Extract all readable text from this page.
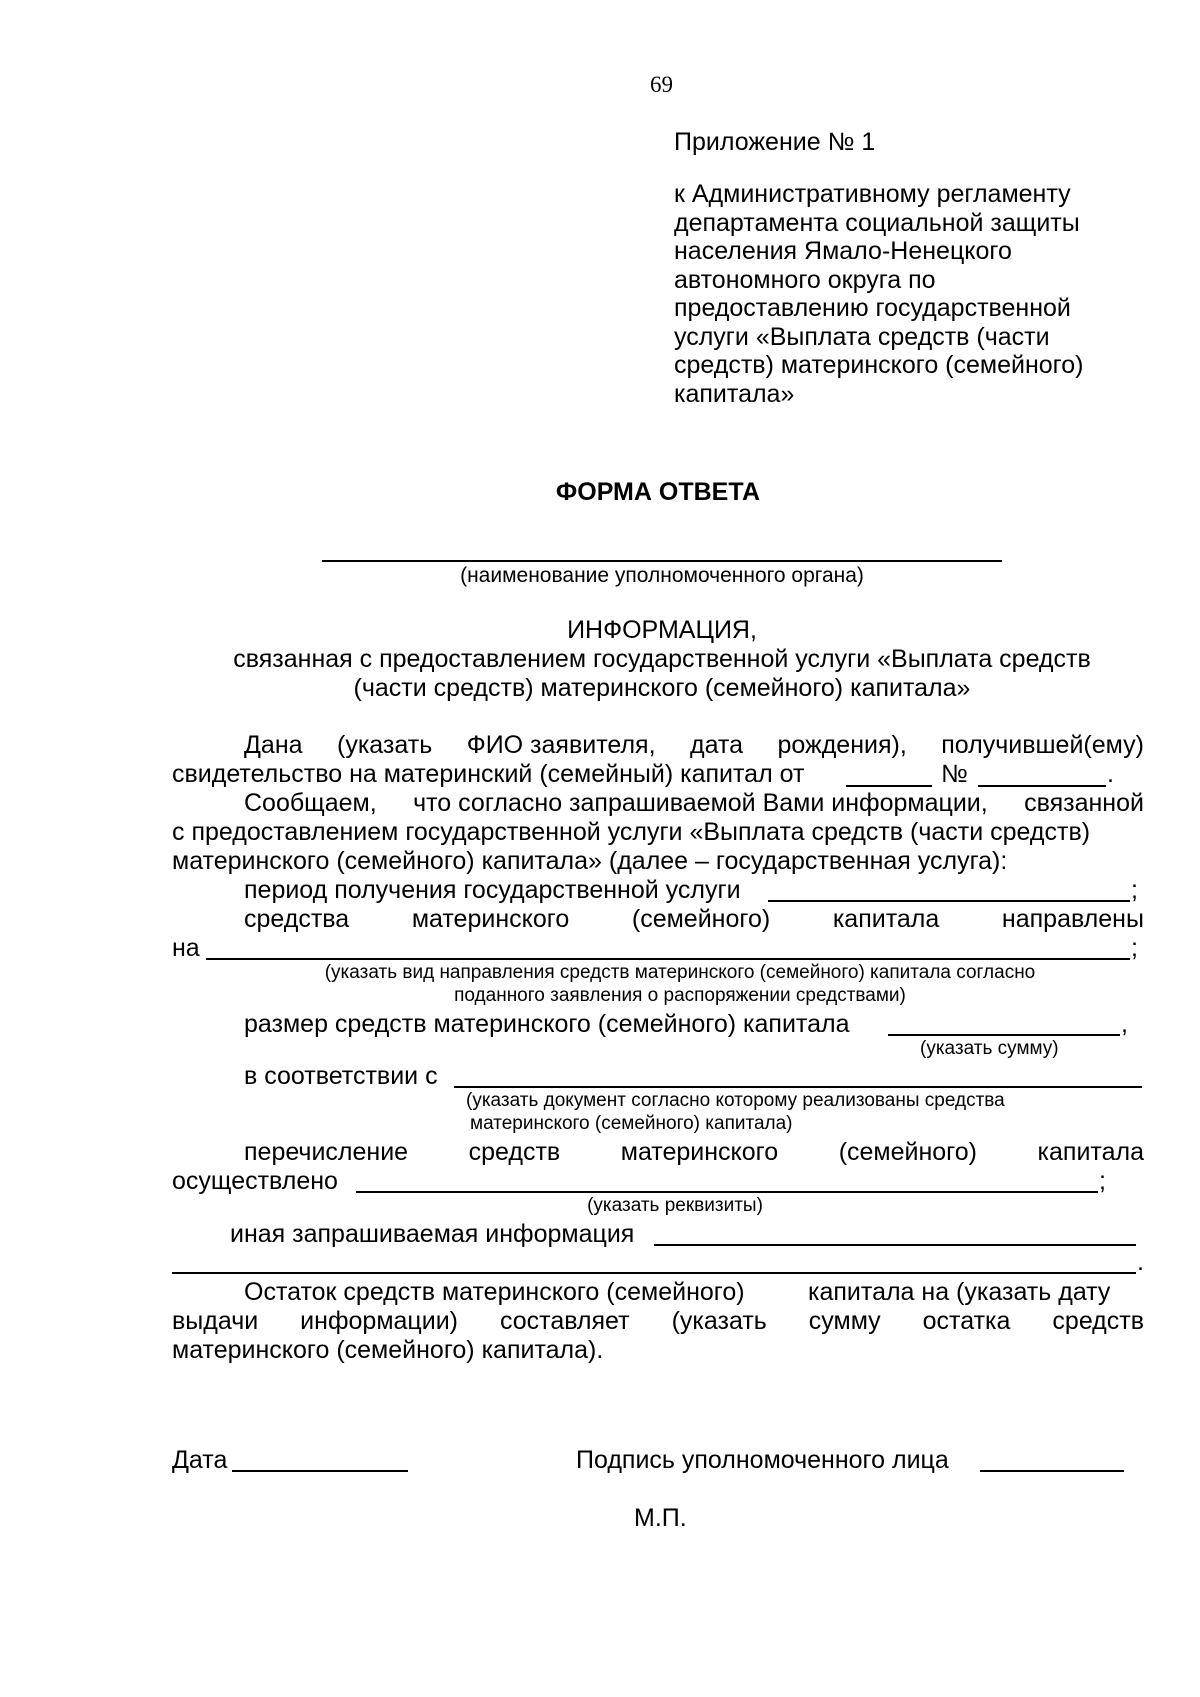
69
Приложение № 1
к Административному регламенту
департамента социальной защиты
населения Ямало-Ненецкого
автономного округа по
предоставлению государственной
услуги «Выплата средств (части
средств) материнского (семейного)
капитала»
ФОРМА ОТВЕТА
(наименование уполномоченного органа)
ИНФОРМАЦИЯ,
связанная с предоставлением государственной услуги «Выплата средств
(части средств) материнского (семейного) капитала»
Дана (указать ФИО заявителя, дата рождения), получившей(ему)
свидетельство на материнский (семейный) капитал от	№	.
Сообщаем, что согласно запрашиваемой Вами информации, связанной
с предоставлением государственной услуги «Выплата средств (части средств)
материнского (семейного) капитала» (далее – государственная услуга):
период получения государственной услуги	;
средства	материнского	(семейного)	капитала	направлены
на	;
(указать вид направления средств материнского (семейного) капитала согласно
поданного заявления о распоряжении средствами)
размер средств материнского (семейного) капитала	,
(указать сумму)
в соответствии с
(указать документ согласно которому реализованы средства
материнского (семейного) капитала)
перечисление средств материнского (семейного) капитала
осуществлено	;
(указать реквизиты)
иная запрашиваемая информация
.
Остаток средств материнского (семейного)	капитала на (указать дату
выдачи информации) составляет (указать сумму остатка средств
материнского (семейного) капитала).
Дата	Подпись уполномоченного лица
М.П.
